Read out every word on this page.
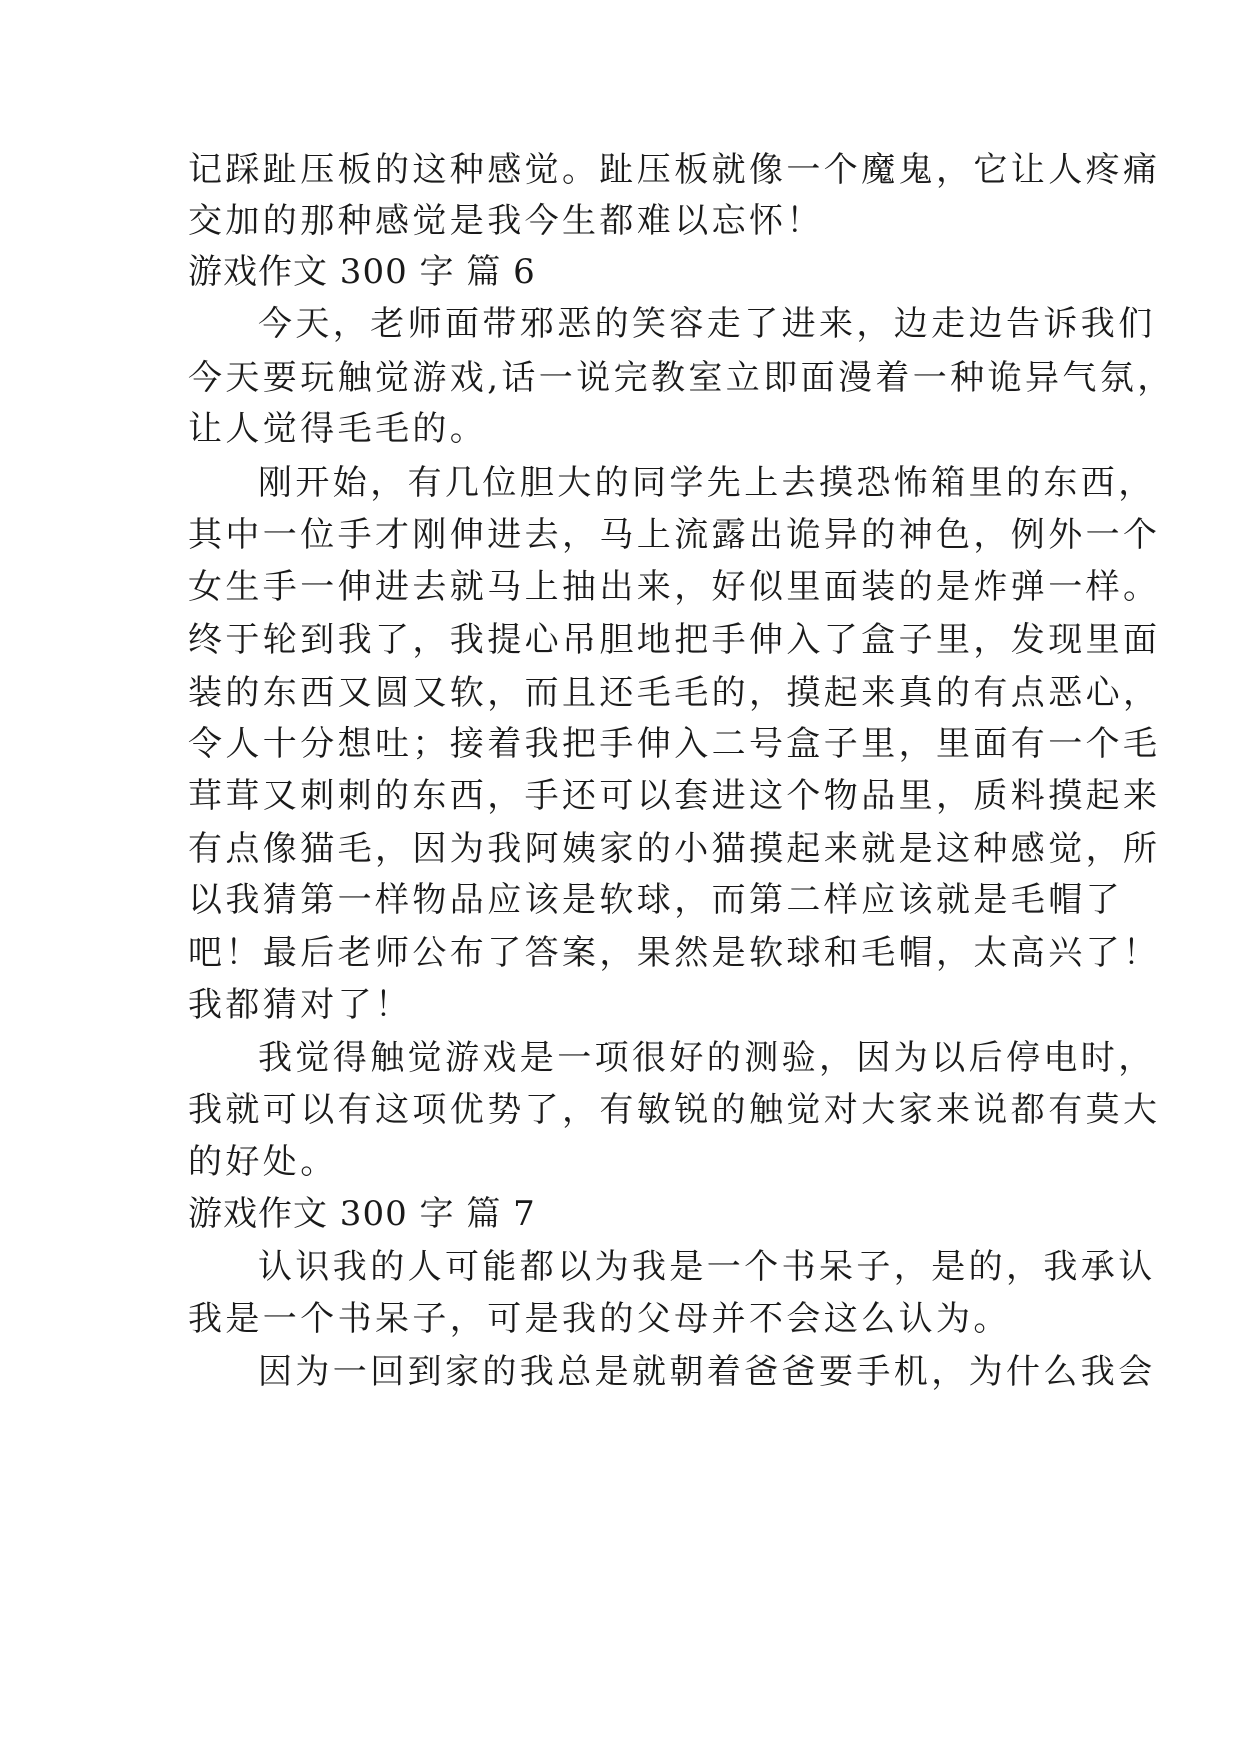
记踩趾压板的这种感觉。趾压板就像一个魔鬼，它让人疼痛
交加的那种感觉是我今生都难以忘怀！
游戏作文 300 字 篇 6
今天，老师面带邪恶的笑容走了进来，边走边告诉我们
今天要玩触觉游戏,话一说完教室立即面漫着一种诡异气氛，
让人觉得毛毛的。
刚开始，有几位胆大的同学先上去摸恐怖箱里的东西，
其中一位手才刚伸进去，马上流露出诡异的神色，例外一个
女生手一伸进去就马上抽出来，好似里面装的是炸弹一样。
终于轮到我了，我提心吊胆地把手伸入了盒子里，发现里面
装的东西又圆又软，而且还毛毛的，摸起来真的有点恶心，
令人十分想吐；接着我把手伸入二号盒子里，里面有一个毛
茸茸又刺刺的东西，手还可以套进这个物品里，质料摸起来
有点像猫毛，因为我阿姨家的小猫摸起来就是这种感觉，所
以我猜第一样物品应该是软球，而第二样应该就是毛帽了
吧！最后老师公布了答案，果然是软球和毛帽，太高兴了！
我都猜对了！
我觉得触觉游戏是一项很好的测验，因为以后停电时，
我就可以有这项优势了，有敏锐的触觉对大家来说都有莫大
的好处。
游戏作文 300 字 篇 7
认识我的人可能都以为我是一个书呆子，是的，我承认
我是一个书呆子，可是我的父母并不会这么认为。
因为一回到家的我总是就朝着爸爸要手机，为什么我会
